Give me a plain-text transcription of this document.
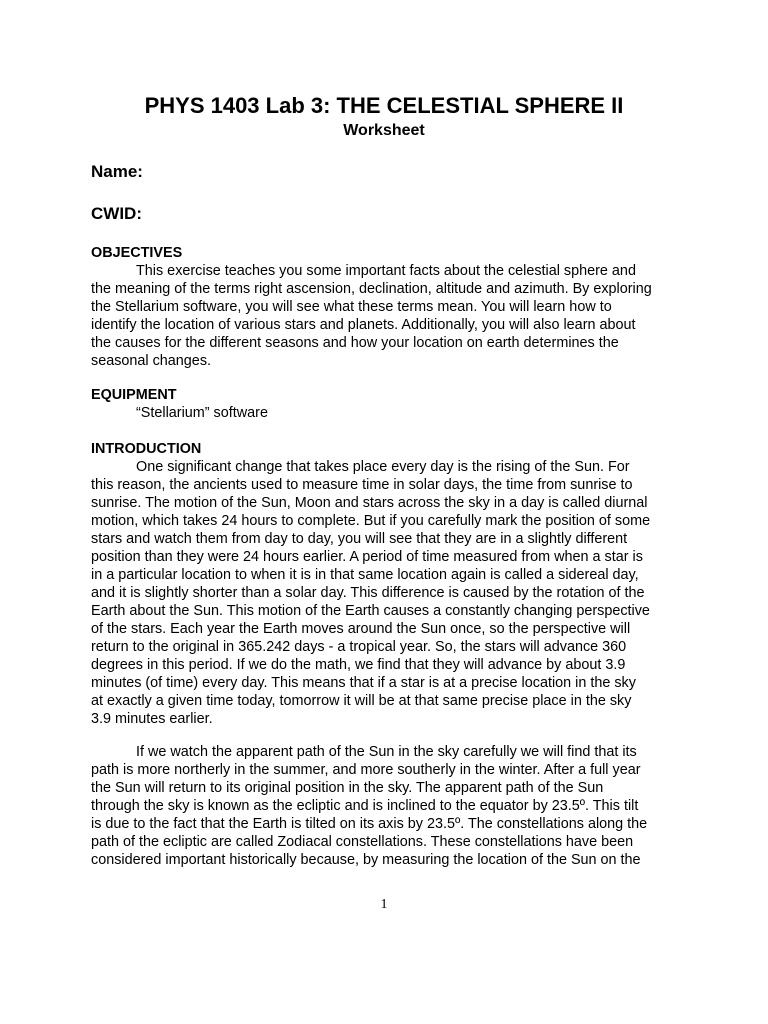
PHYS 1403 Lab 3: THE CELESTIAL SPHERE II
Worksheet
Name:
CWID:
OBJECTIVES
This exercise teaches you some important facts about the celestial sphere and
the meaning of the terms right ascension, declination, altitude and azimuth. By exploring
the Stellarium software, you will see what these terms mean. You will learn how to
identify the location of various stars and planets. Additionally, you will also learn about
the causes for the different seasons and how your location on earth determines the
seasonal changes.
EQUIPMENT
“Stellarium” software
INTRODUCTION
One significant change that takes place every day is the rising of the Sun. For
this reason, the ancients used to measure time in solar days, the time from sunrise to
sunrise. The motion of the Sun, Moon and stars across the sky in a day is called diurnal
motion, which takes 24 hours to complete. But if you carefully mark the position of some
stars and watch them from day to day, you will see that they are in a slightly different
position than they were 24 hours earlier. A period of time measured from when a star is
in a particular location to when it is in that same location again is called a sidereal day,
and it is slightly shorter than a solar day. This difference is caused by the rotation of the
Earth about the Sun. This motion of the Earth causes a constantly changing perspective
of the stars. Each year the Earth moves around the Sun once, so the perspective will
return to the original in 365.242 days - a tropical year. So, the stars will advance 360
degrees in this period. If we do the math, we find that they will advance by about 3.9
minutes (of time) every day. This means that if a star is at a precise location in the sky
at exactly a given time today, tomorrow it will be at that same precise place in the sky
3.9 minutes earlier.
If we watch the apparent path of the Sun in the sky carefully we will find that its
path is more northerly in the summer, and more southerly in the winter. After a full year
the Sun will return to its original position in the sky. The apparent path of the Sun
through the sky is known as the ecliptic and is inclined to the equator by 23.5º. This tilt
is due to the fact that the Earth is tilted on its axis by 23.5º. The constellations along the
path of the ecliptic are called Zodiacal constellations. These constellations have been
considered important historically because, by measuring the location of the Sun on the
1
